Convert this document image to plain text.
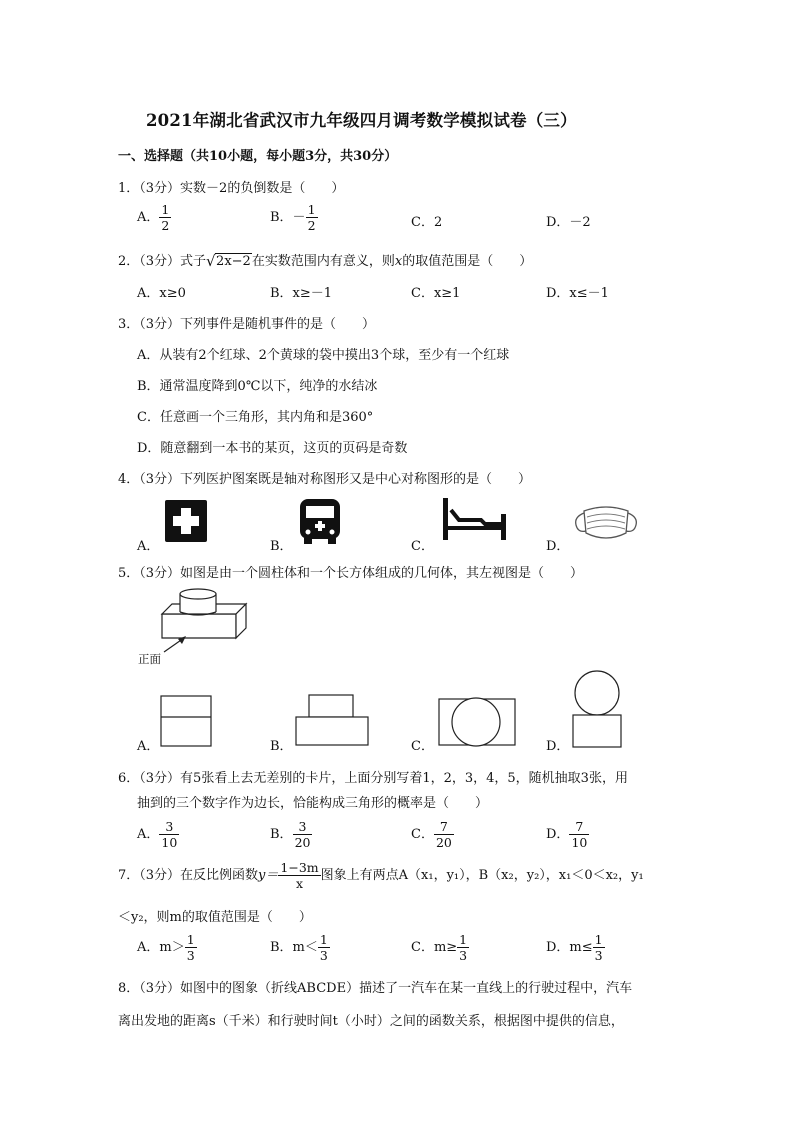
2021年湖北省武汉市九年级四月调考数学模拟试卷（三）
一、选择题（共10小题，每小题3分，共30分）
1．（3分）实数－2的负倒数是（　　）
A． $\frac{1}{2}$	B．－ $\frac{1}{2}$	C．2	D．－2
2．（3分）式子√ 2x−2在实数范围内有意义，则x的取值范围是（　　）
A．x≥0	B．x≥－1	C．x≥1	D．x≤－1
3．（3分）下列事件是随机事件的是（　　）
A．从装有2个红球、2个黄球的袋中摸出3个球，至少有一个红球
B．通常温度降到0℃以下，纯净的水结冰
C．任意画一个三角形，其内角和是360°
D．随意翻到一本书的某页，这页的页码是奇数
4．（3分）下列医护图案既是轴对称图形又是中心对称图形的是（　　）
A．	B．	C．	D．
5．（3分）如图是由一个圆柱体和一个长方体组成的几何体，其左视图是（　　）
正面
A．	B．	C．	D．
6．（3分）有5张看上去无差别的卡片，上面分别写着1，2，3，4，5，随机抽取3张，用
抽到的三个数字作为边长，恰能构成三角形的概率是（　　）
A． $\frac{3}{10}$	B． $\frac{3}{20}$	C． $\frac{7}{20}$	D． $\frac{7}{10}$
7．（3分）在反比例函数$y= \frac{1-3m}{x}$ 图象上有两点A（x₁，y₁），B（x₂，y₂），x₁＜0＜x₂，y₁
＜y₂，则m的取值范围是（　　）
A．$m> \frac{1}{3}$	B．$m< \frac{1}{3}$	C．$m\ge \frac{1}{3}$	D．$m\le \frac{1}{3}$
8．（3分）如图中的图象（折线ABCDE）描述了一汽车在某一直线上的行驶过程中，汽车
离出发地的距离s（千米）和行驶时间t（小时）之间的函数关系，根据图中提供的信息，
